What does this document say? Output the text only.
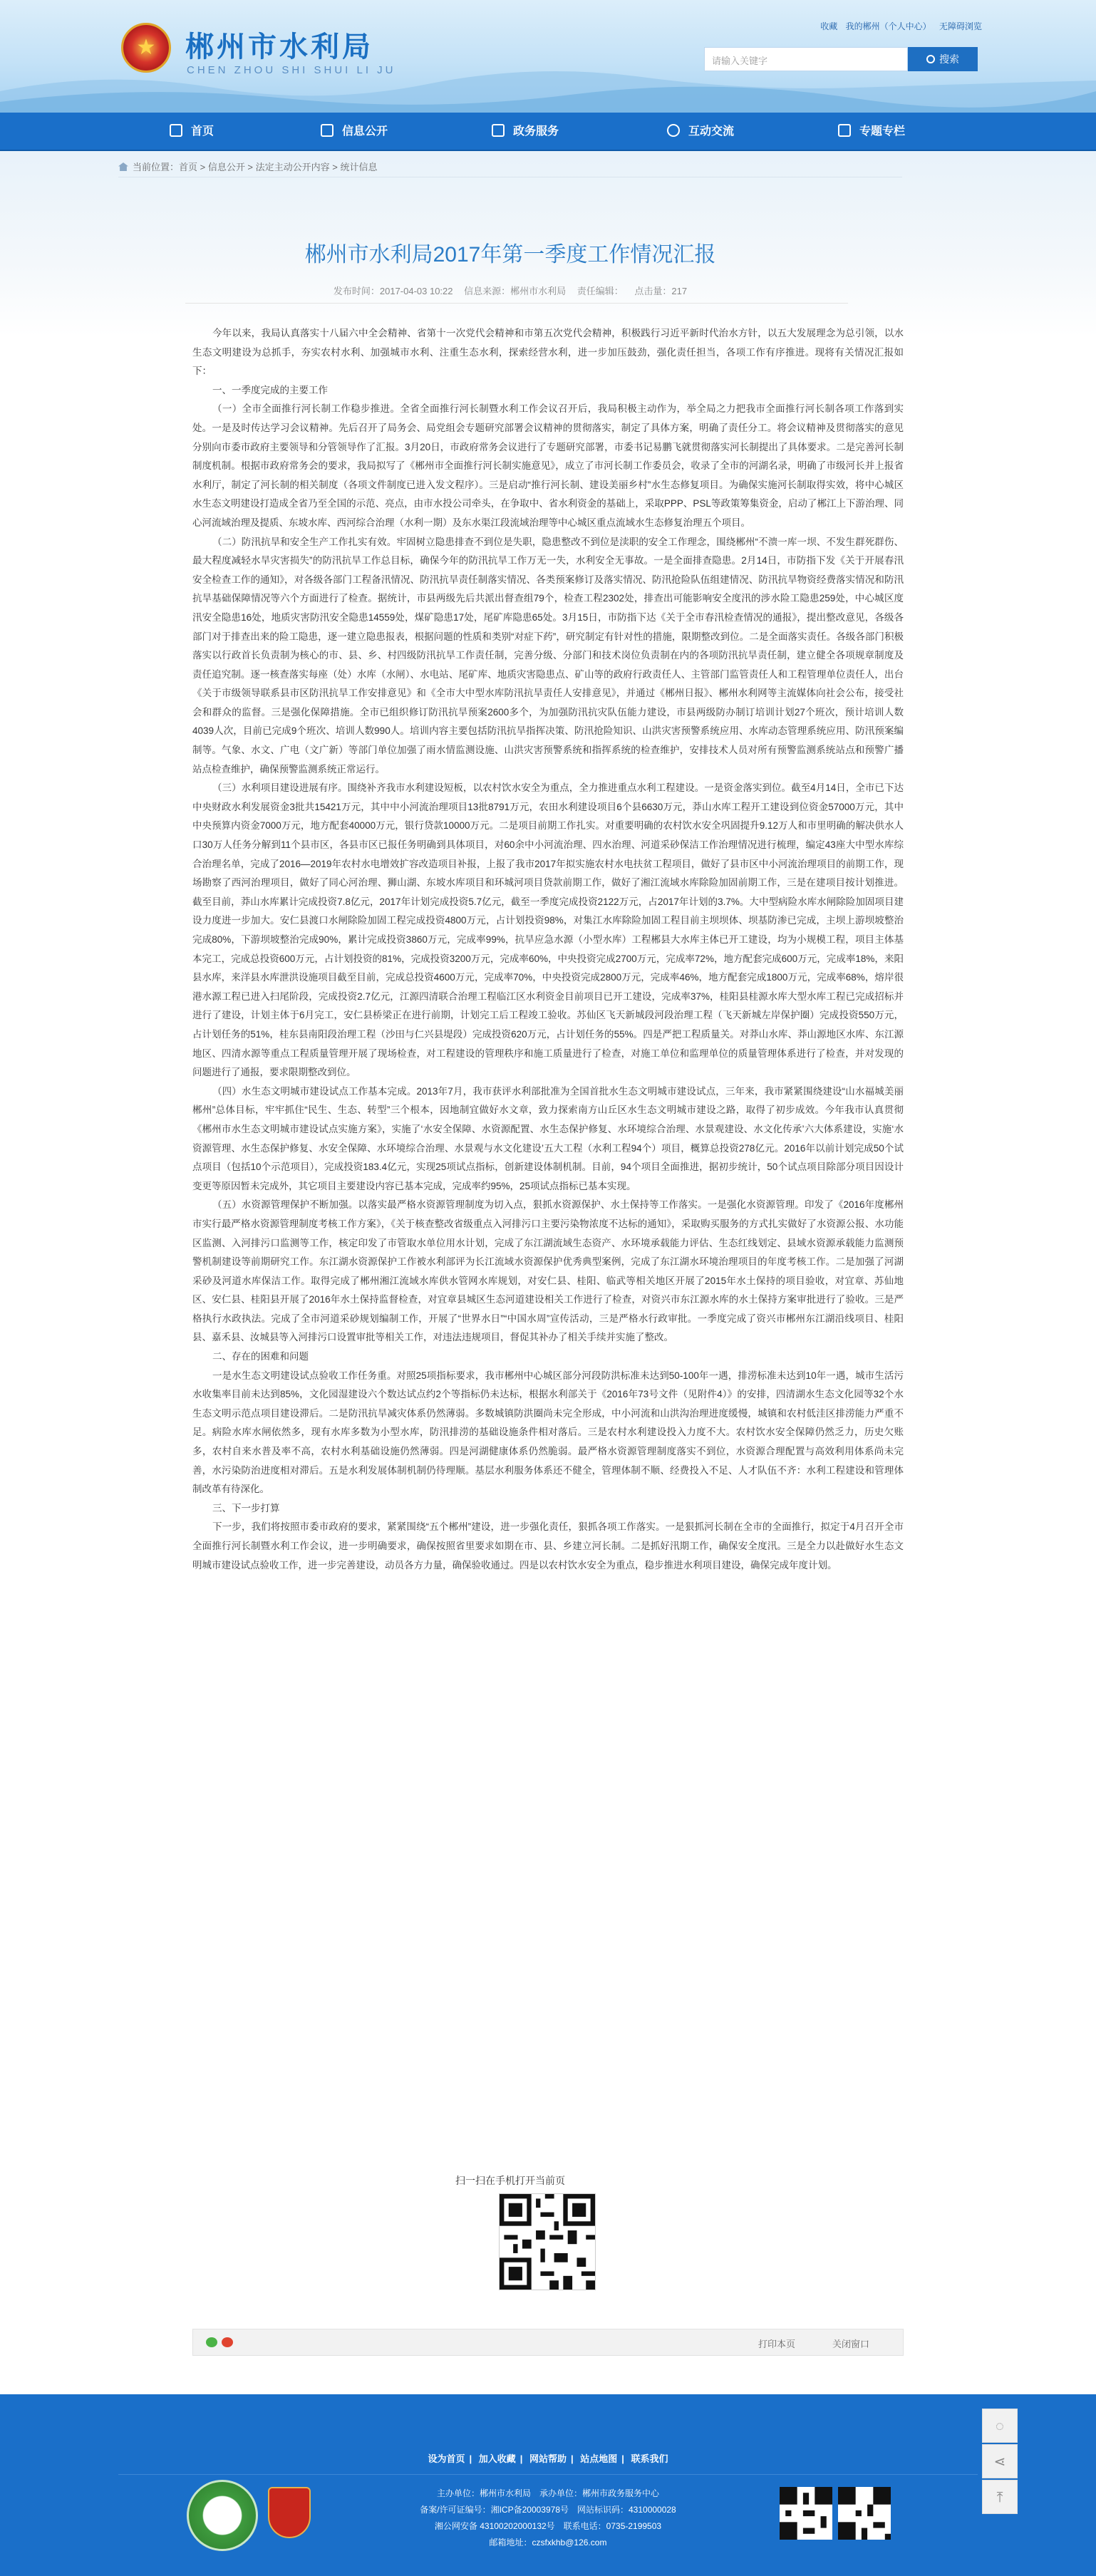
★
郴州市水利局
CHEN ZHOU SHI SHUI LI JU
收藏 我的郴州（个人中心） 无障碍浏览
请输入关键字	搜索
首页	信息公开	政务服务	互动交流	专题专栏
当前位置：首页 > 信息公开 > 法定主动公开内容 > 统计信息
郴州市水利局2017年第一季度工作情况汇报
发布时间：2017-04-03 10:22 信息来源：郴州市水利局 责任编辑： 点击量：217

今年以来，我局认真落实十八届六中全会精神、省第十一次党代会精神和市第五次党代会精神，积极践行习近平新时代治水方针，以五大发展理念为总引领，以水生态文明建设为总抓手，夯实农村水利、加强城市水利、注重生态水利，探索经营水利，进一步加压鼓劲，强化责任担当，各项工作有序推进。现将有关情况汇报如下：

一、一季度完成的主要工作

（一）全市全面推行河长制工作稳步推进。全省全面推行河长制暨水利工作会议召开后，我局积极主动作为，举全局之力把我市全面推行河长制各项工作落到实处。一是及时传达学习会议精神。先后召开了局务会、局党组会专题研究部署会议精神的贯彻落实，制定了具体方案，明确了责任分工。将会议精神及贯彻落实的意见分别向市委市政府主要领导和分管领导作了汇报。3月20日，市政府常务会议进行了专题研究部署，市委书记易鹏飞就贯彻落实河长制提出了具体要求。二是完善河长制制度机制。根据市政府常务会的要求，我局拟写了《郴州市全面推行河长制实施意见》，成立了市河长制工作委员会，收录了全市的河湖名录，明确了市级河长并上报省水利厅，制定了河长制的相关制度（各项文件制度已进入发文程序）。三是启动“推行河长制、建设美丽乡村”水生态修复项目。为确保实施河长制取得实效，将中心城区水生态文明建设打造成全省乃至全国的示范、亮点，由市水投公司牵头，在争取中、省水利资金的基础上，采取PPP、PSL等政策筹集资金，启动了郴江上下游治理、同心河流域治理及提质、东坡水库、西河综合治理（水利一期）及东水渠江段流域治理等中心城区重点流域水生态修复治理五个项目。

（二）防汛抗旱和安全生产工作扎实有效。牢固树立隐患排查不到位是失职，隐患整改不到位是渎职的安全工作理念，围绕郴州“不溃一库一坝、不发生群死群伤、最大程度减轻水旱灾害损失”的防汛抗旱工作总目标，确保今年的防汛抗旱工作万无一失，水利安全无事故。一是全面排查隐患。2月14日，市防指下发《关于开展春汛安全检查工作的通知》，对各级各部门工程备汛情况、防汛抗旱责任制落实情况、各类预案修订及落实情况、防汛抢险队伍组建情况、防汛抗旱物资经费落实情况和防汛抗旱基础保障情况等六个方面进行了检查。据统计，市县两级先后共派出督查组79个，检查工程2302处，排查出可能影响安全度汛的涉水险工隐患259处，中心城区度汛安全隐患16处，地质灾害防汛安全隐患14559处，煤矿隐患17处，尾矿库隐患65处。3月15日，市防指下达《关于全市春汛检查情况的通报》，提出整改意见，各级各部门对于排查出来的险工隐患，逐一建立隐患报表，根据问题的性质和类别“对症下药”，研究制定有针对性的措施，限期整改到位。二是全面落实责任。各级各部门积极落实以行政首长负责制为核心的市、县、乡、村四级防汛抗旱工作责任制，完善分级、分部门和技术岗位负责制在内的各项防汛抗旱责任制，建立健全各项规章制度及责任追究制。逐一核查落实每座（处）水库（水闸）、水电站、尾矿库、地质灾害隐患点、矿山等的政府行政责任人、主管部门监管责任人和工程管理单位责任人，出台《关于市级领导联系县市区防汛抗旱工作安排意见》和《全市大中型水库防汛抗旱责任人安排意见》，并通过《郴州日报》、郴州水利网等主流媒体向社会公布，接受社会和群众的监督。三是强化保障措施。全市已组织修订防汛抗旱预案2600多个，为加强防汛抗灾队伍能力建设，市县两级防办制订培训计划27个班次，预计培训人数4039人次，目前已完成9个班次、培训人数990人。培训内容主要包括防汛抗旱指挥决策、防汛抢险知识、山洪灾害预警系统应用、水库动态管理系统应用、防汛预案编制等。气象、水文、广电（文广新）等部门单位加强了雨水情监测设施、山洪灾害预警系统和指挥系统的检查维护，安排技术人员对所有预警监测系统站点和预警广播站点检查维护，确保预警监测系统正常运行。

（三）水利项目建设进展有序。围绕补齐我市水利建设短板，以农村饮水安全为重点，全力推进重点水利工程建设。一是资金落实到位。截至4月14日，全市已下达中央财政水利发展资金3批共15421万元，其中中小河流治理项目13批8791万元，农田水利建设项目6个县6630万元，莽山水库工程开工建设到位资金57000万元，其中中央预算内资金7000万元，地方配套40000万元，银行贷款10000万元。二是项目前期工作扎实。对重要明确的农村饮水安全巩固提升9.12万人和市里明确的解决供水人口30万人任务分解到11个县市区，各县市区已报任务明确到具体项目，对60余中小河流治理、四水治理、河道采砂保洁工作治理情况进行梳理，编定43座大中型水库综合治理名单，完成了2016—2019年农村水电增效扩容改造项目补报，上报了我市2017年拟实施农村水电扶贫工程项目，做好了县市区中小河流治理项目的前期工作，现场勘察了西河治理项目，做好了同心河治理、狮山湖、东坡水库项目和环城河项目贷款前期工作，做好了湘江流域水库除险加固前期工作，三是在建项目按计划推进。截至目前，莽山水库累计完成投资7.8亿元，2017年计划完成投资5.7亿元，截至一季度完成投资2122万元，占2017年计划的3.7%。大中型病险水库水闸除险加固项目建设力度进一步加大。安仁县渡口水闸除险加固工程完成投资4800万元，占计划投资98%，对集江水库除险加固工程目前主坝坝体、坝基防渗已完成，主坝上游坝坡整治完成80%，下游坝坡整治完成90%，累计完成投资3860万元，完成率99%，抗旱应急水源（小型水库）工程郴县大水库主体已开工建设，均为小规模工程，项目主体基本完工，完成总投资600万元，占计划投资的81%，完成投资3200万元，完成率60%，中央投资完成2700万元，完成率72%，地方配套完成600万元，完成率18%，来阳县水库，来洋县水库泄洪设施项目截至目前，完成总投资4600万元，完成率70%，中央投资完成2800万元，完成率46%，地方配套完成1800万元，完成率68%，熔岸很港水源工程已进入扫尾阶段，完成投资2.7亿元，江源四清联合治理工程临江区水利资金目前项目已开工建设，完成率37%，桂阳县桂源水库大型水库工程已完成招标并进行了建设，计划主体于6月完工，安仁县桥梁正在进行前期，计划完工后工程竣工验收。苏仙区飞天新城段河段治理工程（飞天新城左岸保护圈）完成投资550万元，占计划任务的51%，桂东县南阳段治理工程（沙田与仁兴县堤段）完成投资620万元，占计划任务的55%。四是严把工程质量关。对莽山水库、莽山源地区水库、东江源地区、四清水源等重点工程质量管理开展了现场检查，对工程建设的管理秩序和施工质量进行了检查，对施工单位和监理单位的质量管理体系进行了检查，并对发现的问题进行了通报，要求限期整改到位。

（四）水生态文明城市建设试点工作基本完成。2013年7月，我市获评水利部批准为全国首批水生态文明城市建设试点，三年来，我市紧紧围绕建设“山水福城美丽郴州”总体目标，牢牢抓住“民生、生态、转型”三个根本，因地制宜做好水文章，致力探索南方山丘区水生态文明城市建设之路，取得了初步成效。今年我市认真贯彻《郴州市水生态文明城市建设试点实施方案》，实施了‘水安全保障、水资源配置、水生态保护修复、水环境综合治理、水景观建设、水文化传承’六大体系建设，实施‘水资源管理、水生态保护修复、水安全保障、水环境综合治理、水景观与水文化建设’五大工程（水利工程94个）项目，概算总投资278亿元。2016年以前计划完成50个试点项目（包括10个示范项目），完成投资183.4亿元，实现25项试点指标，创新建设体制机制。目前，94个项目全面推进，据初步统计，50个试点项目除部分项目因设计变更等原因暂未完成外，其它项目主要建设内容已基本完成，完成率约95%，25项试点指标已基本实现。

（五）水资源管理保护不断加强。以落实最严格水资源管理制度为切入点，狠抓水资源保护、水土保持等工作落实。一是强化水资源管理。印发了《2016年度郴州市实行最严格水资源管理制度考核工作方案》，《关于核查整改省级重点入河排污口主要污染物浓度不达标的通知》，采取购买服务的方式扎实做好了水资源公报、水功能区监测、入河排污口监测等工作，核定印发了市管取水单位用水计划，完成了东江湖流域生态资产、水环境承载能力评估、生态红线划定、县域水资源承载能力监测预警机制建设等前期研究工作。东江湖水资源保护工作被水利部评为长江流域水资源保护优秀典型案例，完成了东江湖水环境治理项目的年度考核工作。二是加强了河湖采砂及河道水库保洁工作。取得完成了郴州湘江流域水库供水管网水库规划，对安仁县、桂阳、临武等相关地区开展了2015年水土保持的项目验收，对宜章、苏仙地区、安仁县、桂阳县开展了2016年水土保持监督检查，对宜章县城区生态河道建设相关工作进行了检查，对资兴市东江源水库的水土保持方案审批进行了验收。三是严格执行水政执法。完成了全市河道采砂规划编制工作，开展了“世界水日”“中国水周”宣传活动，三是严格水行政审批。一季度完成了资兴市郴州东江湖沿线项目、桂阳县、嘉禾县、汝城县等入河排污口设置审批等相关工作，对违法违规项目，督促其补办了相关手续并实施了整改。

二、存在的困难和问题

一是水生态文明建设试点验收工作任务重。对照25项指标要求，我市郴州中心城区部分河段防洪标准未达到50-100年一遇，排涝标准未达到10年一遇，城市生活污水收集率目前未达到85%，文化园湿建设六个数达试点约2个等指标仍未达标，根据水利部关于《2016年73号文件（见附件4）》的安排，四清湖水生态文化园等32个水生态文明示范点项目建设滞后。二是防汛抗旱减灾体系仍然薄弱。多数城镇防洪圈尚未完全形成，中小河流和山洪沟治理进度缓慢，城镇和农村低洼区排涝能力严重不足。病险水库水闸依然多，现有水库多数为小型水库，防汛排涝的基础设施条件相对落后。三是农村水利建设投入力度不大。农村饮水安全保障仍然乏力，历史欠账多，农村自来水普及率不高，农村水利基础设施仍然薄弱。四是河湖健康体系仍然脆弱。最严格水资源管理制度落实不到位，水资源合理配置与高效利用体系尚未完善，水污染防治进度相对滞后。五是水利发展体制机制仍待理顺。基层水利服务体系还不健全，管理体制不顺、经费投入不足、人才队伍不齐：水利工程建设和管理体制改革有待深化。

三、下一步打算

下一步，我们将按照市委市政府的要求，紧紧围绕“五个郴州”建设，进一步强化责任，狠抓各项工作落实。一是狠抓河长制在全市的全面推行，拟定于4月召开全市全面推行河长制暨水利工作会议，进一步明确要求，确保按照省里要求如期在市、县、乡建立河长制。二是抓好汛期工作，确保安全度汛。三是全力以赴做好水生态文明城市建设试点验收工作，进一步完善建设，动员各方力量，确保验收通过。四是以农村饮水安全为重点，稳步推进水利项目建设，确保完成年度计划。

扫一扫在手机打开当前页
打印本页	关闭窗口
设为首页 | 加入收藏 | 网站帮助 | 站点地图 | 联系我们
主办单位：郴州市水利局　承办单位：郴州市政务服务中心
备案/许可证编号：湘ICP备20003978号　网站标识码：4310000028
湘公网安备 43100202000132号　联系电话：0735-2199503
邮箱地址：czsfxkhb@126.com
◌
⋖
⤒
